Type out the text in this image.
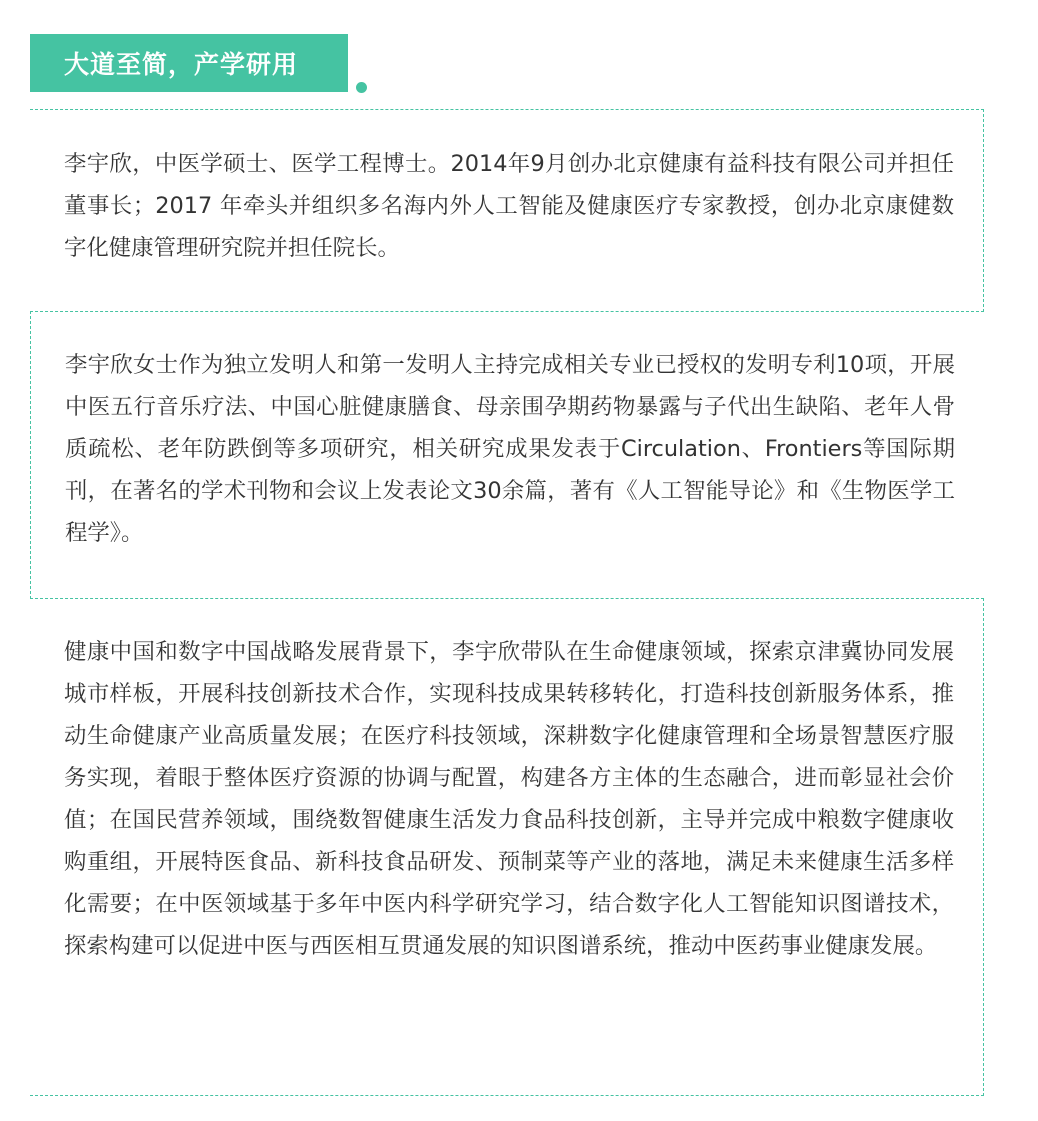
大道至简，产学研用

李宇欣，中医学硕士、医学工程博士。2014年9月创办北京健康有益科技有限公司并担任董事长；2017 年牵头并组织多名海内外人工智能及健康医疗专家教授，创办北京康健数字化健康管理研究院并担任院长。

李宇欣女士作为独立发明人和第一发明人主持完成相关专业已授权的发明专利10项，开展中医五行音乐疗法、中国心脏健康膳食、母亲围孕期药物暴露与子代出生缺陷、老年人骨质疏松、老年防跌倒等多项研究，相关研究成果发表于Circulation、Frontiers等国际期刊，在著名的学术刊物和会议上发表论文30余篇，著有《人工智能导论》和《生物医学工程学》。

健康中国和数字中国战略发展背景下，李宇欣带队在生命健康领域，探索京津冀协同发展城市样板，开展科技创新技术合作，实现科技成果转移转化，打造科技创新服务体系，推动生命健康产业高质量发展；在医疗科技领域，深耕数字化健康管理和全场景智慧医疗服务实现，着眼于整体医疗资源的协调与配置，构建各方主体的生态融合，进而彰显社会价值；在国民营养领域，围绕数智健康生活发力食品科技创新，主导并完成中粮数字健康收购重组，开展特医食品、新科技食品研发、预制菜等产业的落地，满足未来健康生活多样化需要；在中医领域基于多年中医内科学研究学习，结合数字化人工智能知识图谱技术，探索构建可以促进中医与西医相互贯通发展的知识图谱系统，推动中医药事业健康发展。
